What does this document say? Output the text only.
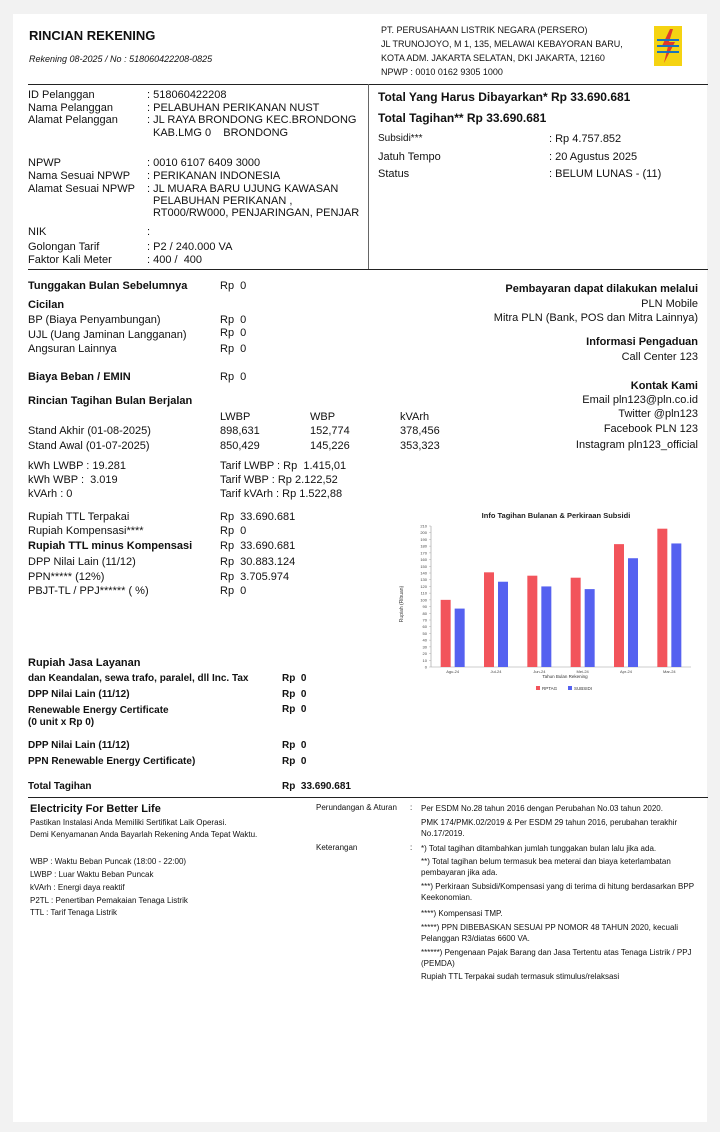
RINCIAN REKENING
Rekening 08-2025 / No : 518060422208-0825
PT. PERUSAHAAN LISTRIK NEGARA (PERSERO)
JL TRUNOJOYO, M 1, 135, MELAWAI KEBAYORAN BARU,
KOTA ADM. JAKARTA SELATAN, DKI JAKARTA, 12160
NPWP : 0010 0162 9305 1000
ID Pelanggan	: 518060422208
Nama Pelanggan	: PELABUHAN PERIKANAN NUST
Alamat Pelanggan	: JL RAYA BRONDONG KEC.BRONDONG
KAB.LMG 0    BRONDONG
NPWP	: 0010 6107 6409 3000
Nama Sesuai NPWP : PERIKANAN INDONESIA
Alamat Sesuai NPWP : JL MUARA BARU UJUNG KAWASAN
PELABUHAN PERIKANAN ,
RT000/RW000, PENJARINGAN, PENJAR
NIK	:
Golongan Tarif	: P2 / 240.000 VA
Faktor Kali Meter	: 400 /  400
Total Yang Harus Dibayarkan* Rp 33.690.681
Total Tagihan** Rp 33.690.681
Subsidi***	: Rp 4.757.852
Jatuh Tempo	: 20 Agustus 2025
Status	: BELUM LUNAS - (11)
Tunggakan Bulan Sebelumnya	Rp  0
Cicilan
BP (Biaya Penyambungan)	Rp  0
UJL (Uang Jaminan Langganan)	Rp  0
Angsuran Lainnya	Rp  0
Biaya Beban / EMIN	Rp  0
Rincian Tagihan Bulan Berjalan
LWBP	WBP	kVArh
Stand Akhir (01-08-2025)	898,631	152,774	378,456
Stand Awal (01-07-2025)	850,429	145,226	353,323
kWh LWBP : 19.281
kWh WBP :  3.019
kVArh : 0
Tarif LWBP : Rp  1.415,01
Tarif WBP : Rp 2.122,52
Tarif kVArh : Rp 1.522,88
Rupiah TTL Terpakai	Rp  33.690.681
Rupiah Kompensasi****	Rp  0
Rupiah TTL minus Kompensasi	Rp  33.690.681
DPP Nilai Lain (11/12)	Rp  30.883.124
PPN***** (12%)	Rp  3.705.974
PBJT-TL / PPJ****** ( %)	Rp  0
Pembayaran dapat dilakukan melalui
PLN Mobile
Mitra PLN (Bank, POS dan Mitra Lainnya)
Informasi Pengaduan
Call Center 123
Kontak Kami
Email pln123@pln.co.id
Twitter @pln123
Facebook PLN 123
Instagram pln123_official
Info Tagihan Bulanan & Perkiraan Subsidi
Rupiah (Ribuan)
Tahun Bulan Rekening
0
10
20
30
40
50
60
70
80
90
100
110
120
130
140
150
160
170
180
190
200
210
Agu-24	Jul-24	Jun-24	Mei-24	Apr-24	Mar-24
RPTAG	SUBSIDI
Rupiah Jasa Layanan
dan Keandalan, sewa trafo, paralel, dll Inc. Tax	Rp  0
DPP Nilai Lain (11/12)	Rp  0
Renewable Energy Certificate
(0 unit x Rp 0)
Rp  0
DPP Nilai Lain (11/12)	Rp  0
PPN Renewable Energy Certificate)	Rp  0
Total Tagihan	Rp  33.690.681
Electricity For Better Life
Pastikan Instalasi Anda Memiliki Sertifikat Laik Operasi.
Demi Kenyamanan Anda Bayarlah Rekening Anda Tepat Waktu.
WBP : Waktu Beban Puncak (18:00 - 22:00)
LWBP : Luar Waktu Beban Puncak
kVArh : Energi daya reaktif
P2TL : Penertiban Pemakaian Tenaga Listrik
TTL : Tarif Tenaga Listrik
Perundangan & Aturan : Per ESDM No.28 tahun 2016 dengan Perubahan No.03 tahun 2020.
PMK 174/PMK.02/2019 & Per ESDM 29 tahun 2016, perubahan terakhir No.17/2019.
Keterangan	: *) Total tagihan ditambahkan jumlah tunggakan bulan lalu jika ada.
**) Total tagihan belum termasuk bea meterai dan biaya keterlambatan pembayaran jika ada.
***) Perkiraan Subsidi/Kompensasi yang di terima di hitung berdasarkan BPP Keekonomian.
****) Kompensasi TMP.
*****) PPN DIBEBASKAN SESUAI PP NOMOR 48 TAHUN 2020, kecuali Pelanggan R3/diatas 6600 VA.
******) Pengenaan Pajak Barang dan Jasa Tertentu atas Tenaga Listrik / PPJ (PEMDA)
Rupiah TTL Terpakai sudah termasuk stimulus/relaksasi
